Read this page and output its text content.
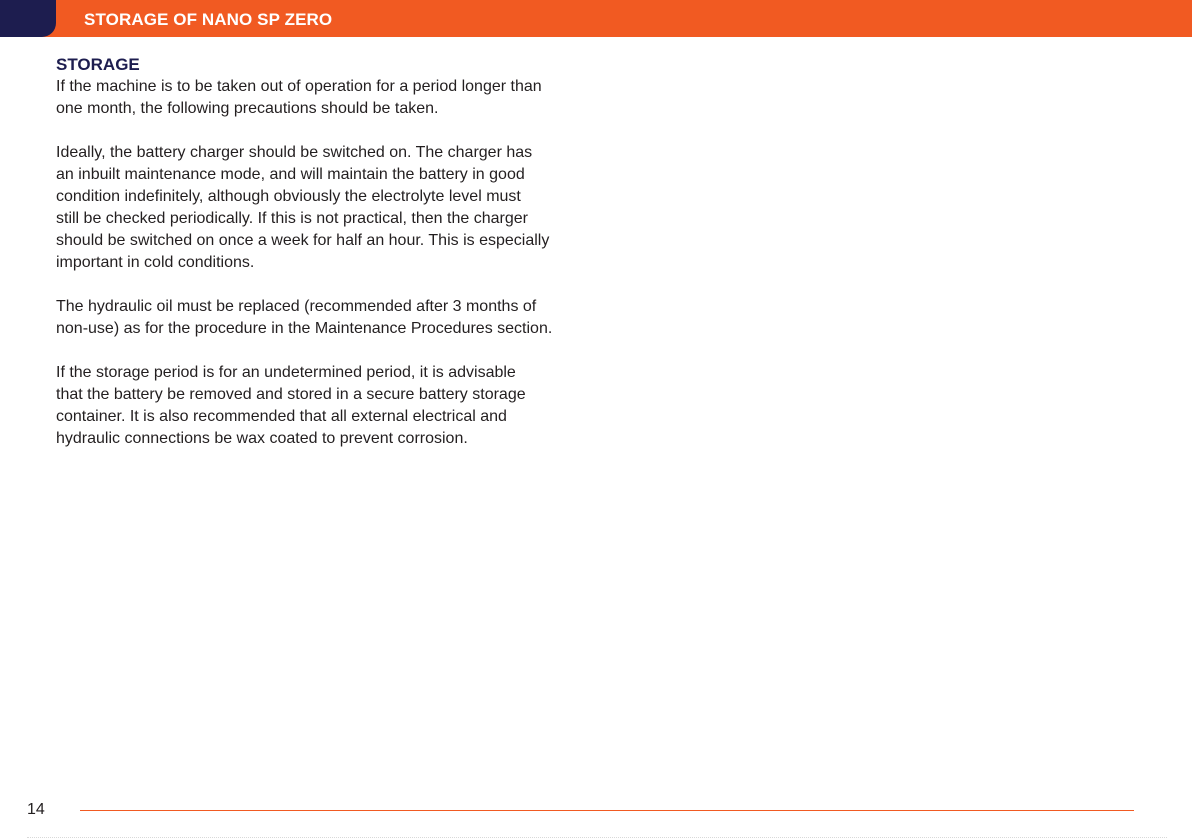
STORAGE OF NANO SP ZERO
STORAGE

If the machine is to be taken out of operation for a period longer than
one month, the following precautions should be taken.

Ideally, the battery charger should be switched on. The charger has
an inbuilt maintenance mode, and will maintain the battery in good
condition indefinitely, although obviously the electrolyte level must
still be checked periodically. If this is not practical, then the charger
should be switched on once a week for half an hour. This is especially
important in cold conditions.

The hydraulic oil must be replaced (recommended after 3 months of
non-use) as for the procedure in the Maintenance Procedures section.

If the storage period is for an undetermined period, it is advisable
that the battery be removed and stored in a secure battery storage
container. It is also recommended that all external electrical and
hydraulic connections be wax coated to prevent corrosion.

14
